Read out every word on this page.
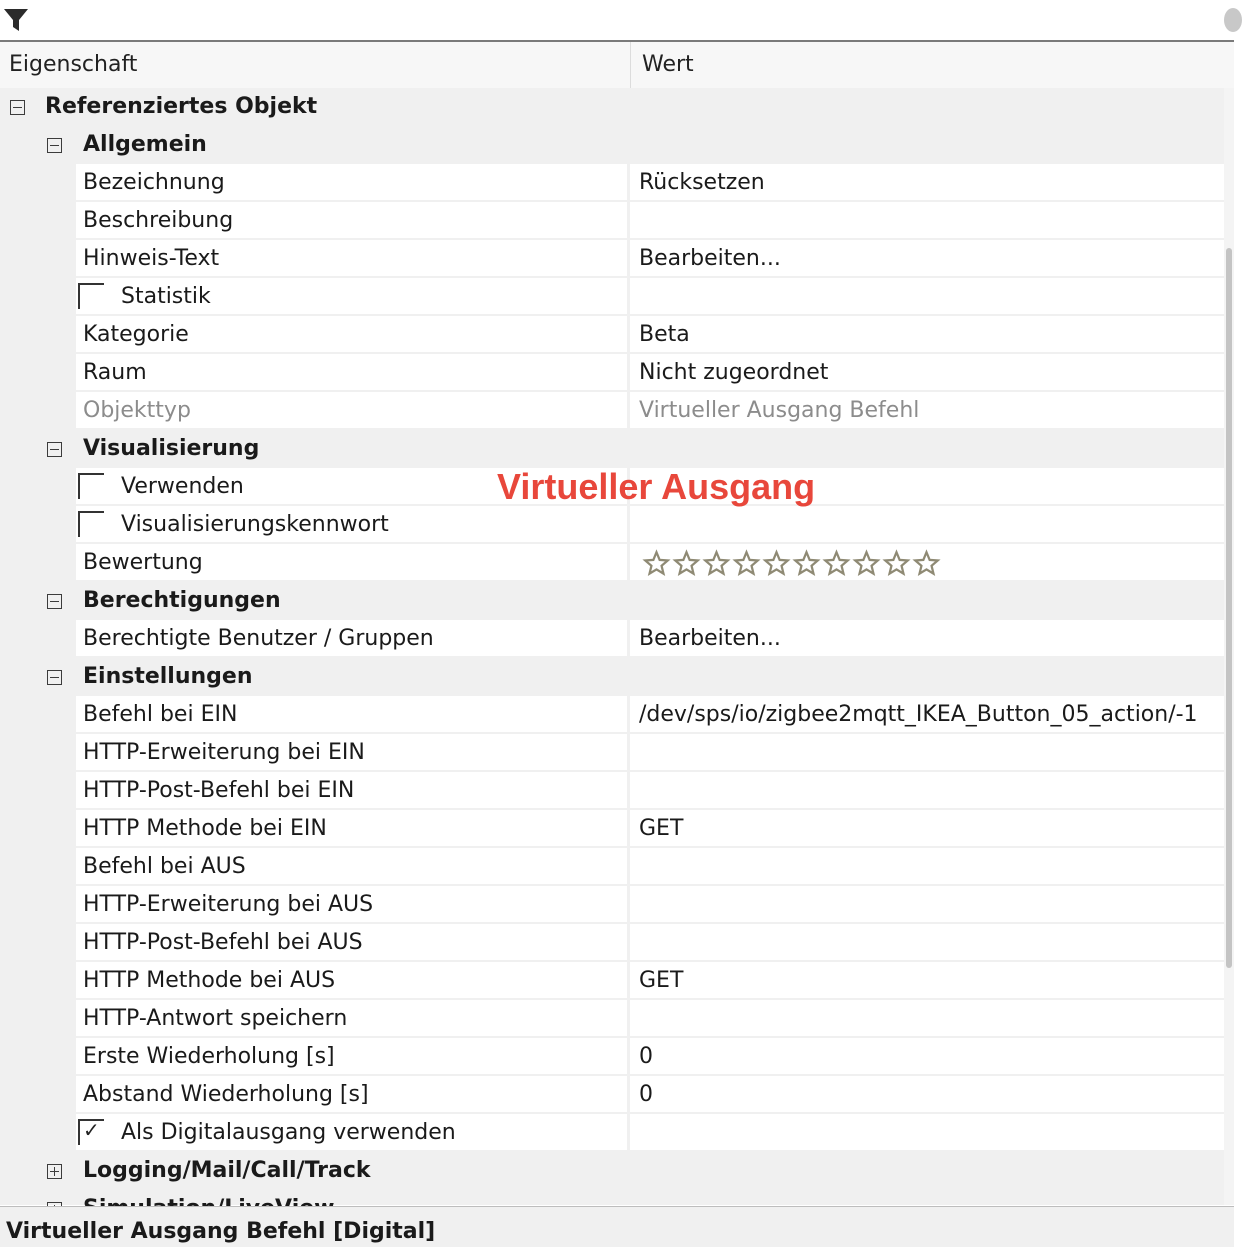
Eigenschaft	Wert
Referenziertes Objekt
Allgemein
Bezeichnung	Rücksetzen
Beschreibung
Hinweis-Text	Bearbeiten...
Statistik
Kategorie	Beta
Raum	Nicht zugeordnet
Objekttyp	Virtueller Ausgang Befehl
Visualisierung
Verwenden
Visualisierungskennwort
Bewertung
Berechtigungen
Berechtigte Benutzer / Gruppen	Bearbeiten...
Einstellungen
Befehl bei EIN	/dev/sps/io/zigbee2mqtt_IKEA_Button_05_action/-1
HTTP-Erweiterung bei EIN
HTTP-Post-Befehl bei EIN
HTTP Methode bei EIN	GET
Befehl bei AUS
HTTP-Erweiterung bei AUS
HTTP-Post-Befehl bei AUS
HTTP Methode bei AUS	GET
HTTP-Antwort speichern
Erste Wiederholung [s]	0
Abstand Wiederholung [s]	0
✓ Als Digitalausgang verwenden
Logging/Mail/Call/Track
Virtueller Ausgang
Virtueller Ausgang Befehl [Digital]
